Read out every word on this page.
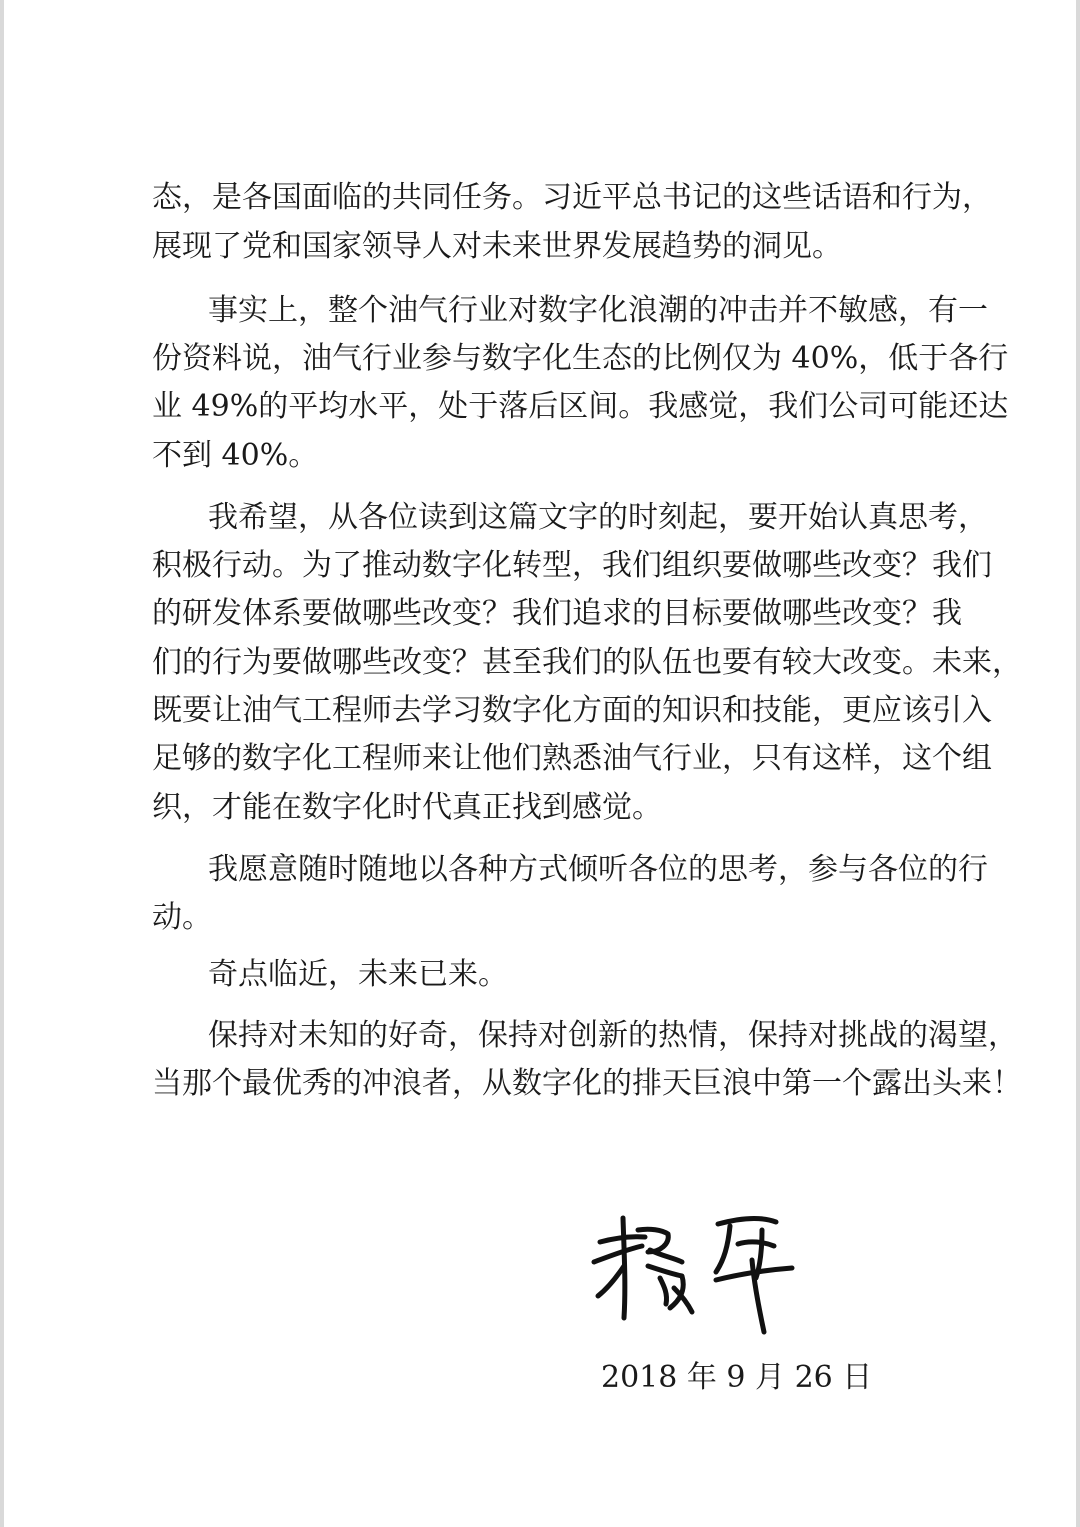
态，是各国面临的共同任务。习近平总书记的这些话语和行为，
展现了党和国家领导人对未来世界发展趋势的洞见。
事实上，整个油气行业对数字化浪潮的冲击并不敏感，有一
份资料说，油气行业参与数字化生态的比例仅为 40%，低于各行
业 49%的平均水平，处于落后区间。我感觉，我们公司可能还达
不到 40%。
我希望，从各位读到这篇文字的时刻起，要开始认真思考，
积极行动。为了推动数字化转型，我们组织要做哪些改变？我们
的研发体系要做哪些改变？我们追求的目标要做哪些改变？我
们的行为要做哪些改变？甚至我们的队伍也要有较大改变。未来，
既要让油气工程师去学习数字化方面的知识和技能，更应该引入
足够的数字化工程师来让他们熟悉油气行业，只有这样，这个组
织，才能在数字化时代真正找到感觉。
我愿意随时随地以各种方式倾听各位的思考，参与各位的行
动。
奇点临近，未来已来。
保持对未知的好奇，保持对创新的热情，保持对挑战的渴望，
当那个最优秀的冲浪者，从数字化的排天巨浪中第一个露出头来！
2018 年 9 月 26 日
